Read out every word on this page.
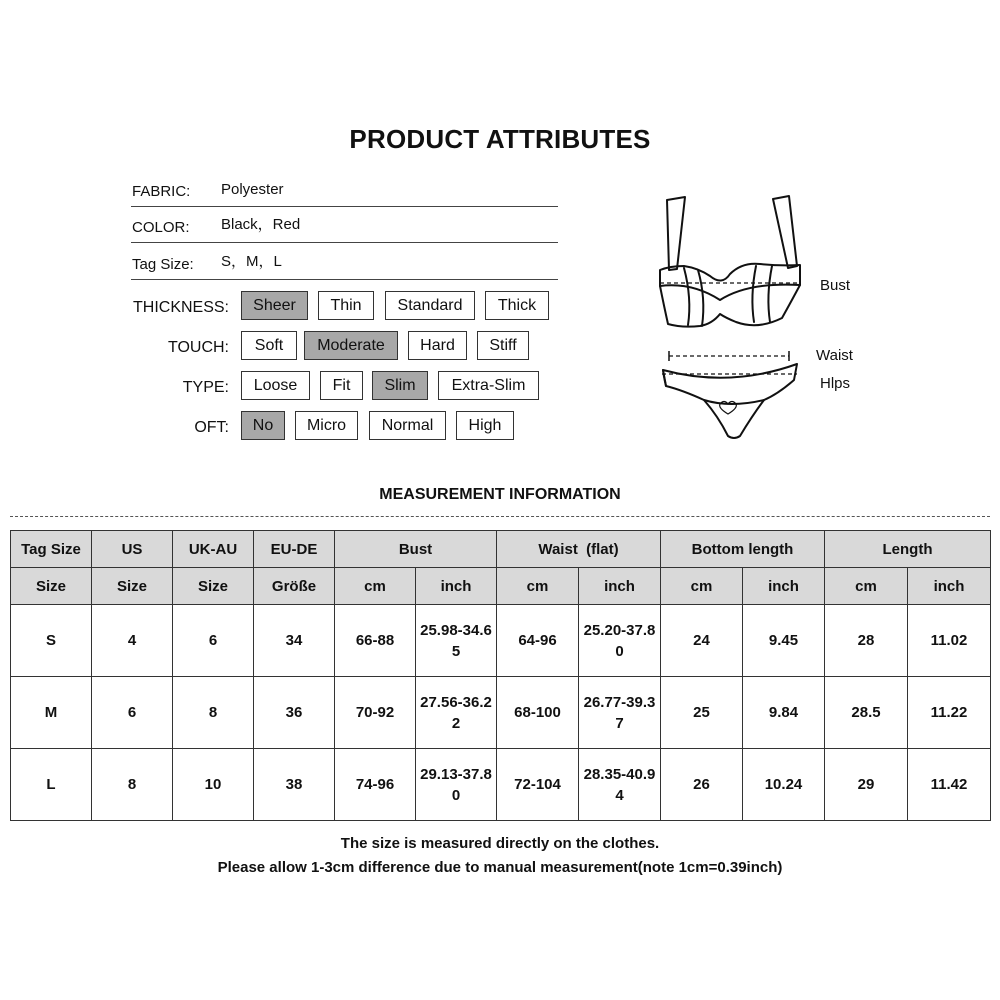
PRODUCT ATTRIBUTES
FABRIC: Polyester
COLOR: Black，Red
Tag Size: S，M，L
THICKNESS:	Sheer	Thin	Standard	Thick
TOUCH:	Soft	Moderate	Hard	Stiff
TYPE:	Loose	Fit	Slim	Extra-Slim
OFT:	No	Micro	Normal	High
Bust
Waist
Hlps
MEASUREMENT INFORMATION
Tag Size	US	UK-AU	EU-DE	Bust		Waist  (flat)		Bottom length		Length	
Size	Size	Size	Größe	cm	inch	cm	inch	cm	inch	cm	inch
S	4	6	34	66-88	25.98-34.65	64-96	25.20-37.80	24	9.45	28	11.02
M	6	8	36	70-92	27.56-36.22	68-100	26.77-39.37	25	9.84	28.5	11.22
L	8	10	38	74-96	29.13-37.80	72-104	28.35-40.94	26	10.24	29	11.42
The size is measured directly on the clothes.
Please allow 1-3cm difference due to manual measurement(note 1cm=0.39inch)
